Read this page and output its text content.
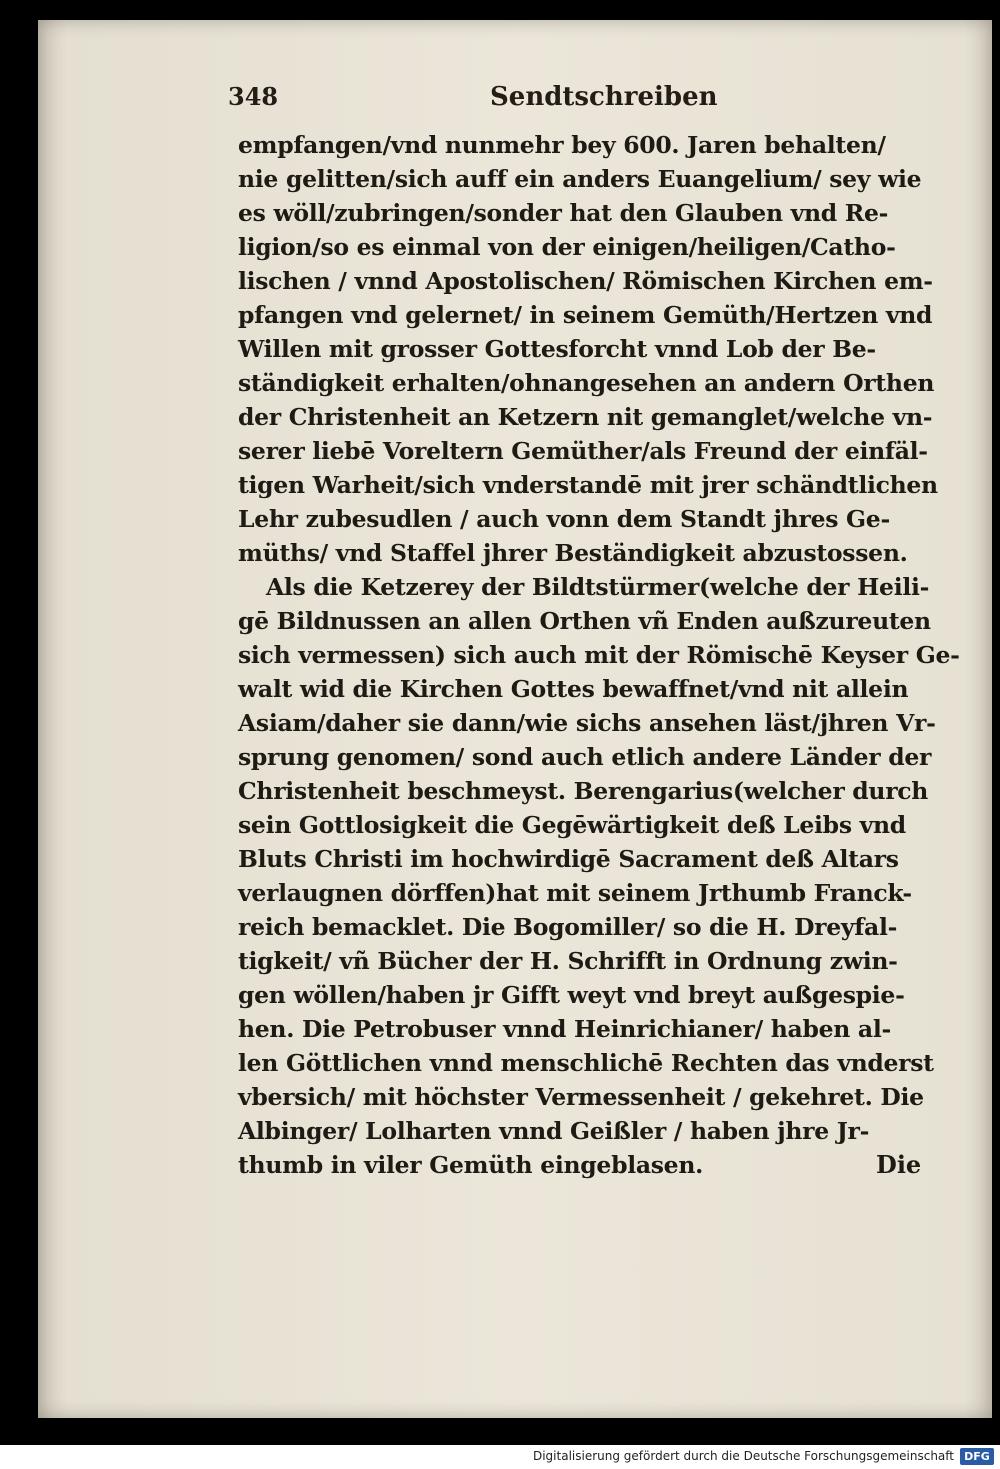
348	Sendtschreiben
empfangen/vnd nunmehr bey 600. Jaren behalten/
nie gelitten/sich auff ein anders Euangelium/ sey wie
es wöll/zubringen/sonder hat den Glauben vnd Re-
ligion/so es einmal von der einigen/heiligen/Catho-
lischen / vnnd Apostolischen/ Römischen Kirchen em-
pfangen vnd gelernet/ in seinem Gemüth/Hertzen vnd
Willen mit grosser Gottesforcht vnnd Lob der Be-
ständigkeit erhalten/ohnangesehen an andern Orthen
der Christenheit an Ketzern nit gemanglet/welche vn-
serer liebē Voreltern Gemüther/als Freund der einfäl-
tigen Warheit/sich vnderstandē mit jrer schändtlichen
Lehr zubesudlen / auch vonn dem Standt jhres Ge-
müths/ vnd Staffel jhrer Beständigkeit abzustossen.
Als die Ketzerey der Bildtstürmer(welche der Heili-
gē Bildnussen an allen Orthen vñ Enden außzureuten
sich vermessen) sich auch mit der Römischē Keyser Ge-
walt wid die Kirchen Gottes bewaffnet/vnd nit allein
Asiam/daher sie dann/wie sichs ansehen läst/jhren Vr-
sprung genomen/ sond auch etlich andere Länder der
Christenheit beschmeyst. Berengarius(welcher durch
sein Gottlosigkeit die Gegēwärtigkeit deß Leibs vnd
Bluts Christi im hochwirdigē Sacrament deß Altars
verlaugnen dörffen)hat mit seinem Jrthumb Franck-
reich bemacklet. Die Bogomiller/ so die H. Dreyfal-
tigkeit/ vñ Bücher der H. Schrifft in Ordnung zwin-
gen wöllen/haben jr Gifft weyt vnd breyt außgespie-
hen. Die Petrobuser vnnd Heinrichianer/ haben al-
len Göttlichen vnnd menschlichē Rechten das vnderst
vbersich/ mit höchster Vermessenheit / gekehret. Die
Albinger/ Lolharten vnnd Geißler / haben jhre Jr-
thumb in viler Gemüth eingeblasen.	Die
Digitalisierung gefördert durch die Deutsche Forschungsgemeinschaft DFG
